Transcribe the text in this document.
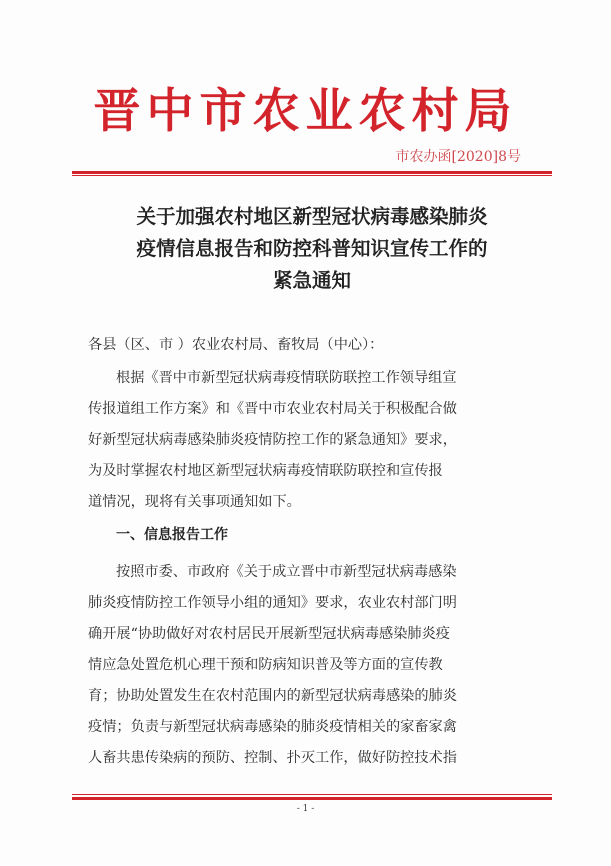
晋中市农业农村局
市农办函[2020]8号
关于加强农村地区新型冠状病毒感染肺炎
疫情信息报告和防控科普知识宣传工作的
紧急通知
各县（区、市 ）农业农村局、畜牧局（中心）：
根据《晋中市新型冠状病毒疫情联防联控工作领导组宣
传报道组工作方案》和《晋中市农业农村局关于积极配合做
好新型冠状病毒感染肺炎疫情防控工作的紧急通知》要求，
为及时掌握农村地区新型冠状病毒疫情联防联控和宣传报
道情况，现将有关事项通知如下。
一、信息报告工作
按照市委、市政府《关于成立晋中市新型冠状病毒感染
肺炎疫情防控工作领导小组的通知》要求，农业农村部门明
确开展“协助做好对农村居民开展新型冠状病毒感染肺炎疫
情应急处置危机心理干预和防病知识普及等方面的宣传教
育；协助处置发生在农村范围内的新型冠状病毒感染的肺炎
疫情；负责与新型冠状病毒感染的肺炎疫情相关的家畜家禽
人畜共患传染病的预防、控制、扑灭工作，做好防控技术指
- 1 -
